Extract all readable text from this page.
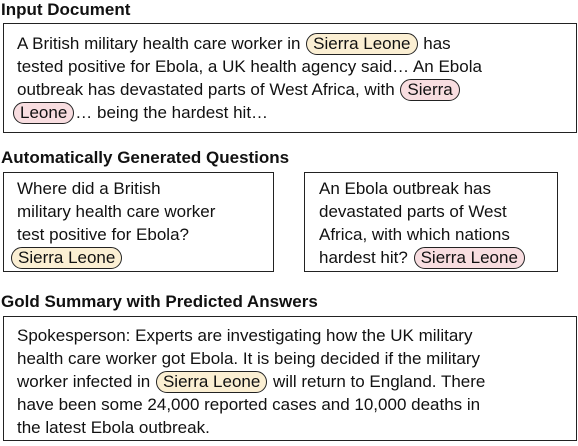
Input Document
A British military health care worker in Sierra Leone has
tested positive for Ebola, a UK health agency said… An Ebola
outbreak has devastated parts of West Africa, with Sierra
Leone … being the hardest hit…
Automatically Generated Questions
Where did a British
military health care worker
test positive for Ebola?
Sierra Leone
An Ebola outbreak has
devastated parts of West
Africa, with which nations
hardest hit? Sierra Leone
Gold Summary with Predicted Answers
Spokesperson: Experts are investigating how the UK military
health care worker got Ebola. It is being decided if the military
worker infected in Sierra Leone will return to England. There
have been some 24,000 reported cases and 10,000 deaths in
the latest Ebola outbreak.
